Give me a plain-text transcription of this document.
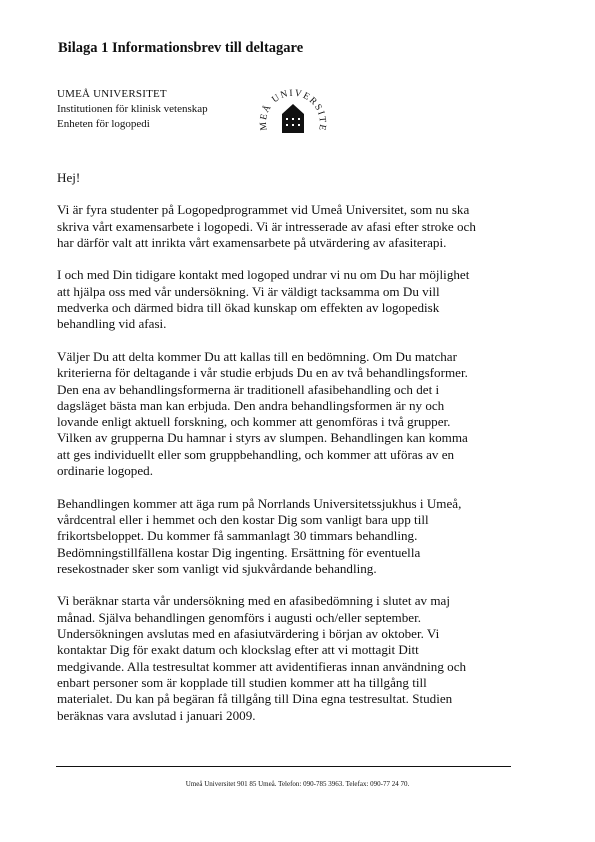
Bilaga 1 Informationsbrev till deltagare
UMEÅ UNIVERSITET
Institutionen för klinisk vetenskap
Enheten för logopedi	MEÅ UNIVERSITE

Hej!

Vi är fyra studenter på Logopedprogrammet vid Umeå Universitet, som nu ska
skriva vårt examensarbete i logopedi. Vi är intresserade av afasi efter stroke och
har därför valt att inrikta vårt examensarbete på utvärdering av afasiterapi.

I och med Din tidigare kontakt med logoped undrar vi nu om Du har möjlighet
att hjälpa oss med vår undersökning. Vi är väldigt tacksamma om Du vill
medverka och därmed bidra till ökad kunskap om effekten av logopedisk
behandling vid afasi.

Väljer Du att delta kommer Du att kallas till en bedömning. Om Du matchar
kriterierna för deltagande i vår studie erbjuds Du en av två behandlingsformer.
Den ena av behandlingsformerna är traditionell afasibehandling och det i
dagsläget bästa man kan erbjuda. Den andra behandlingsformen är ny och
lovande enligt aktuell forskning, och kommer att genomföras i två grupper.
Vilken av grupperna Du hamnar i styrs av slumpen. Behandlingen kan komma
att ges individuellt eller som gruppbehandling, och kommer att uföras av en
ordinarie logoped.

Behandlingen kommer att äga rum på Norrlands Universitetssjukhus i Umeå,
vårdcentral eller i hemmet och den kostar Dig som vanligt bara upp till
frikortsbeloppet. Du kommer få sammanlagt 30 timmars behandling.
Bedömningstillfällena kostar Dig ingenting. Ersättning för eventuella
resekostnader sker som vanligt vid sjukvårdande behandling.

Vi beräknar starta vår undersökning med en afasibedömning i slutet av maj
månad. Själva behandlingen genomförs i augusti och/eller september.
Undersökningen avslutas med en afasiutvärdering i början av oktober. Vi
kontaktar Dig för exakt datum och klockslag efter att vi mottagit Ditt
medgivande. Alla testresultat kommer att avidentifieras innan användning och
enbart personer som är kopplade till studien kommer att ha tillgång till
materialet. Du kan på begäran få tillgång till Dina egna testresultat. Studien
beräknas vara avslutad i januari 2009.

Umeå Universitet 901 85 Umeå. Telefon: 090-785 3963. Telefax: 090-77 24 70.
